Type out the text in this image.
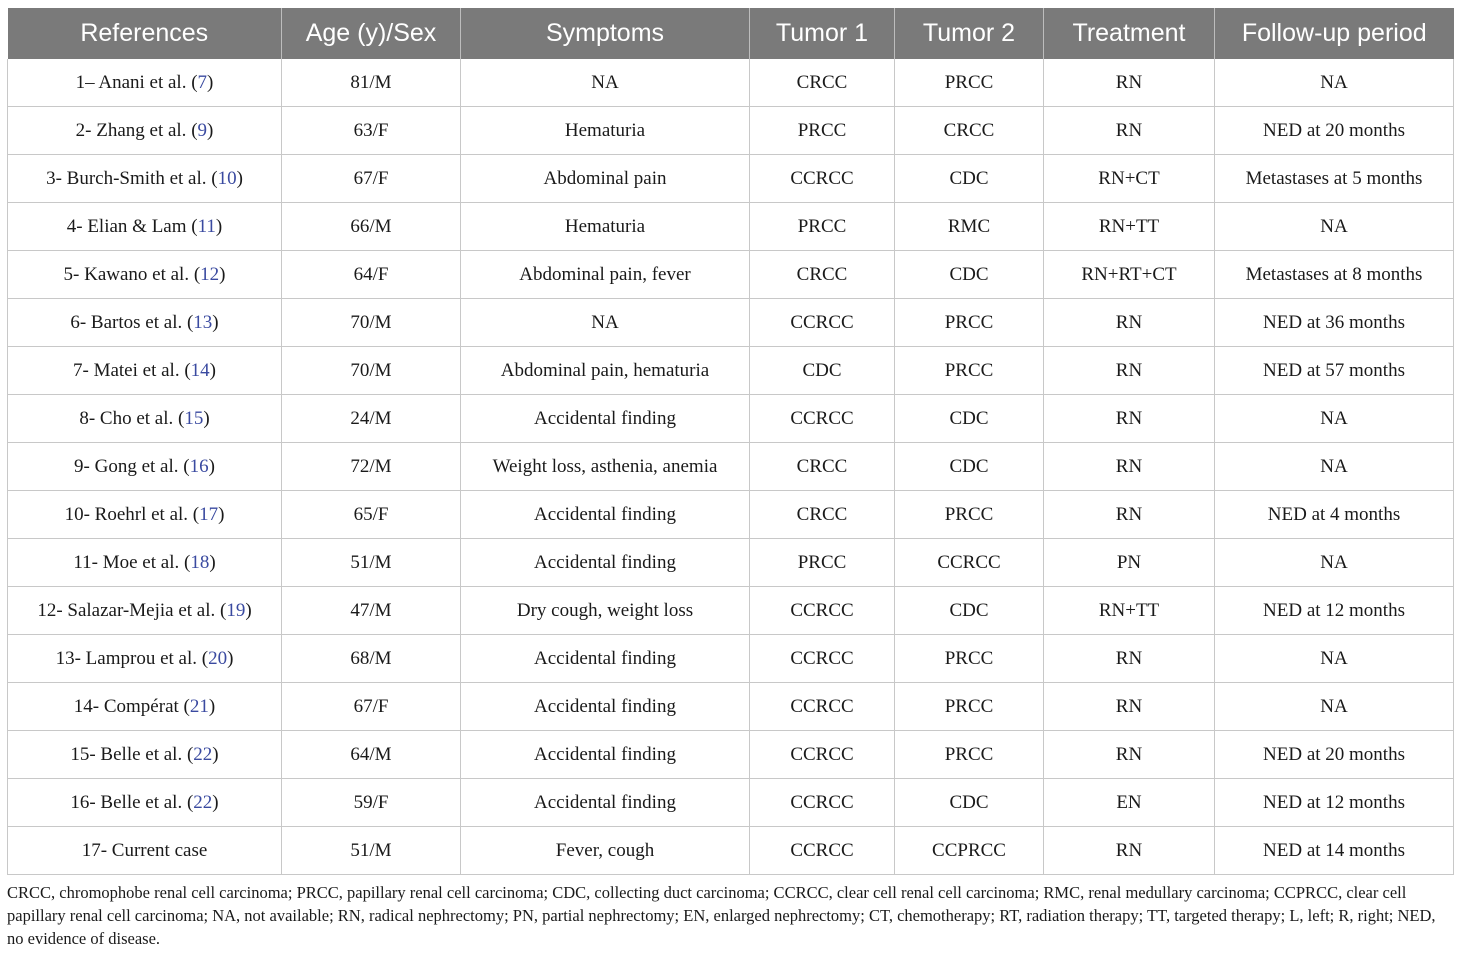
References	Age (y)/Sex	Symptoms	Tumor 1	Tumor 2	Treatment	Follow-up period
1– Anani et al. (7)	81/M	NA	CRCC	PRCC	RN	NA
2- Zhang et al. (9)	63/F	Hematuria	PRCC	CRCC	RN	NED at 20 months
3- Burch-Smith et al. (10)	67/F	Abdominal pain	CCRCC	CDC	RN+CT	Metastases at 5 months
4- Elian & Lam (11)	66/M	Hematuria	PRCC	RMC	RN+TT	NA
5- Kawano et al. (12)	64/F	Abdominal pain, fever	CRCC	CDC	RN+RT+CT	Metastases at 8 months
6- Bartos et al. (13)	70/M	NA	CCRCC	PRCC	RN	NED at 36 months
7- Matei et al. (14)	70/M	Abdominal pain, hematuria	CDC	PRCC	RN	NED at 57 months
8- Cho et al. (15)	24/M	Accidental finding	CCRCC	CDC	RN	NA
9- Gong et al. (16)	72/M	Weight loss, asthenia, anemia	CRCC	CDC	RN	NA
10- Roehrl et al. (17)	65/F	Accidental finding	CRCC	PRCC	RN	NED at 4 months
11- Moe et al. (18)	51/M	Accidental finding	PRCC	CCRCC	PN	NA
12- Salazar-Mejia et al. (19)	47/M	Dry cough, weight loss	CCRCC	CDC	RN+TT	NED at 12 months
13- Lamprou et al. (20)	68/M	Accidental finding	CCRCC	PRCC	RN	NA
14- Compérat (21)	67/F	Accidental finding	CCRCC	PRCC	RN	NA
15- Belle et al. (22)	64/M	Accidental finding	CCRCC	PRCC	RN	NED at 20 months
16- Belle et al. (22)	59/F	Accidental finding	CCRCC	CDC	EN	NED at 12 months
17- Current case	51/M	Fever, cough	CCRCC	CCPRCC	RN	NED at 14 months
CRCC, chromophobe renal cell carcinoma; PRCC, papillary renal cell carcinoma; CDC, collecting duct carcinoma; CCRCC, clear cell renal cell carcinoma; RMC, renal medullary carcinoma; CCPRCC, clear cell papillary renal cell carcinoma; NA, not available; RN, radical nephrectomy; PN, partial nephrectomy; EN, enlarged nephrectomy; CT, chemotherapy; RT, radiation therapy; TT, targeted therapy; L, left; R, right; NED, no evidence of disease.
